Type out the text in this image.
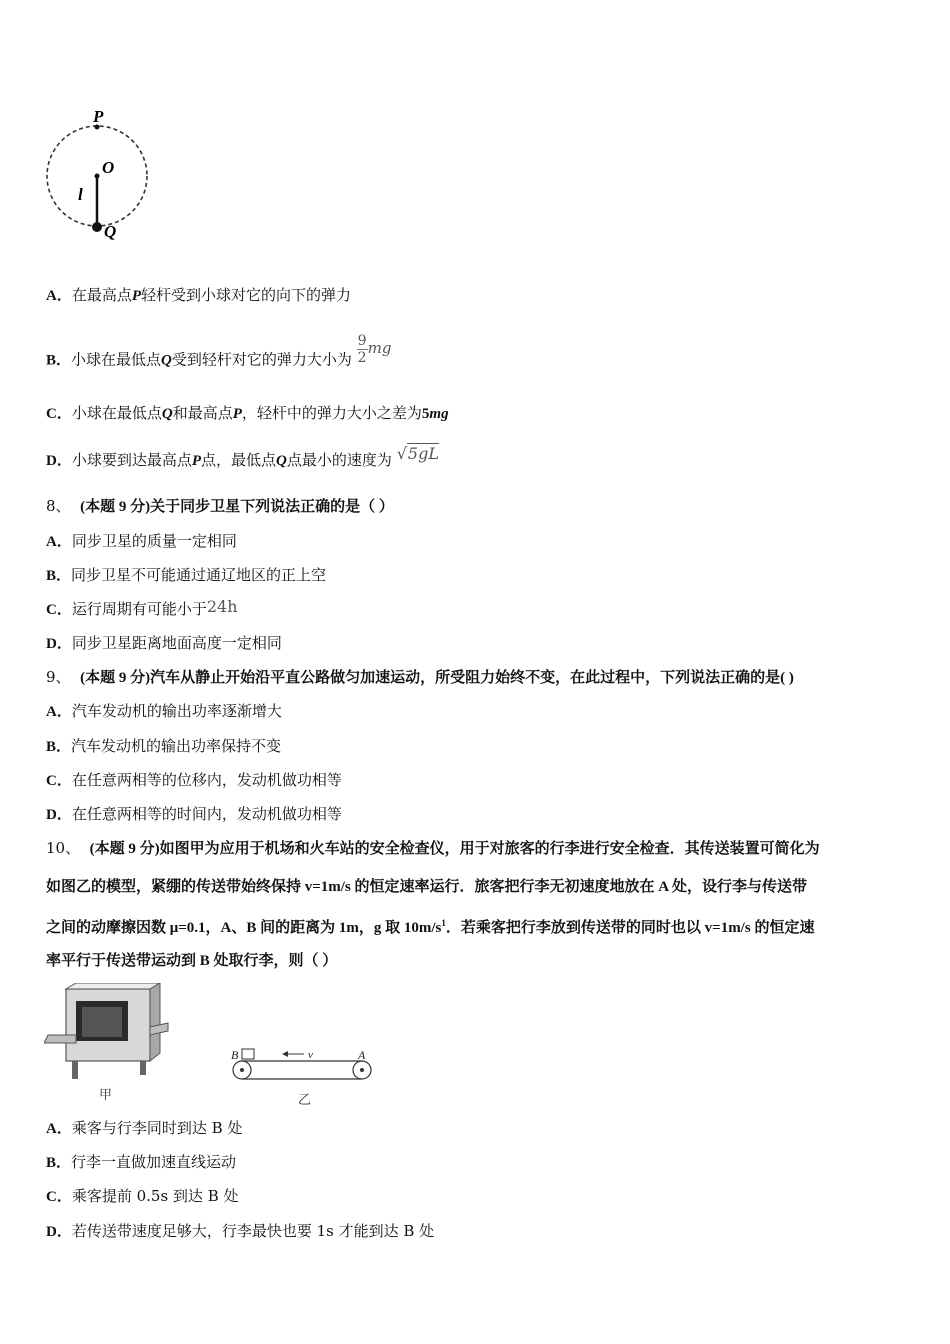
P
O
l
Q
A．在最高点P轻杆受到小球对它的向下的弹力
B．小球在最低点Q受到轻杆对它的弹力大小为 $\frac{9}{2}$ mg
C．小球在最低点Q和最高点P，轻杆中的弹力大小之差为5mg
D．小球要到达最高点P点，最低点Q点最小的速度为 √5gL
8、 (本题 9 分)关于同步卫星下列说法正确的是（ ）
A．同步卫星的质量一定相同
B．同步卫星不可能通过通辽地区的正上空
C．运行周期有可能小于24h
D．同步卫星距离地面高度一定相同
9、 (本题 9 分)汽车从静止开始沿平直公路做匀加速运动，所受阻力始终不变，在此过程中，下列说法正确的是( )
A．汽车发动机的输出功率逐渐增大
B．汽车发动机的输出功率保持不变
C．在任意两相等的位移内，发动机做功相等
D．在任意两相等的时间内，发动机做功相等
10、 (本题 9 分)如图甲为应用于机场和火车站的安全检查仪，用于对旅客的行李进行安全检查．其传送装置可简化为
如图乙的模型，紧绷的传送带始终保持 v=1m/s 的恒定速率运行．旅客把行李无初速度地放在 A 处，设行李与传送带
之间的动摩擦因数 μ=0.1，A、B 间的距离为 1m，g 取 $10m/s^1$．若乘客把行李放到传送带的同时也以 v=1m/s 的恒定速
率平行于传送带运动到 B 处取行李，则（ ）
甲
B	A
v
乙
A．乘客与行李同时到达 B 处
B．行李一直做加速直线运动
C．乘客提前 0.5s 到达 B 处
D．若传送带速度足够大，行李最快也要 1s 才能到达 B 处
